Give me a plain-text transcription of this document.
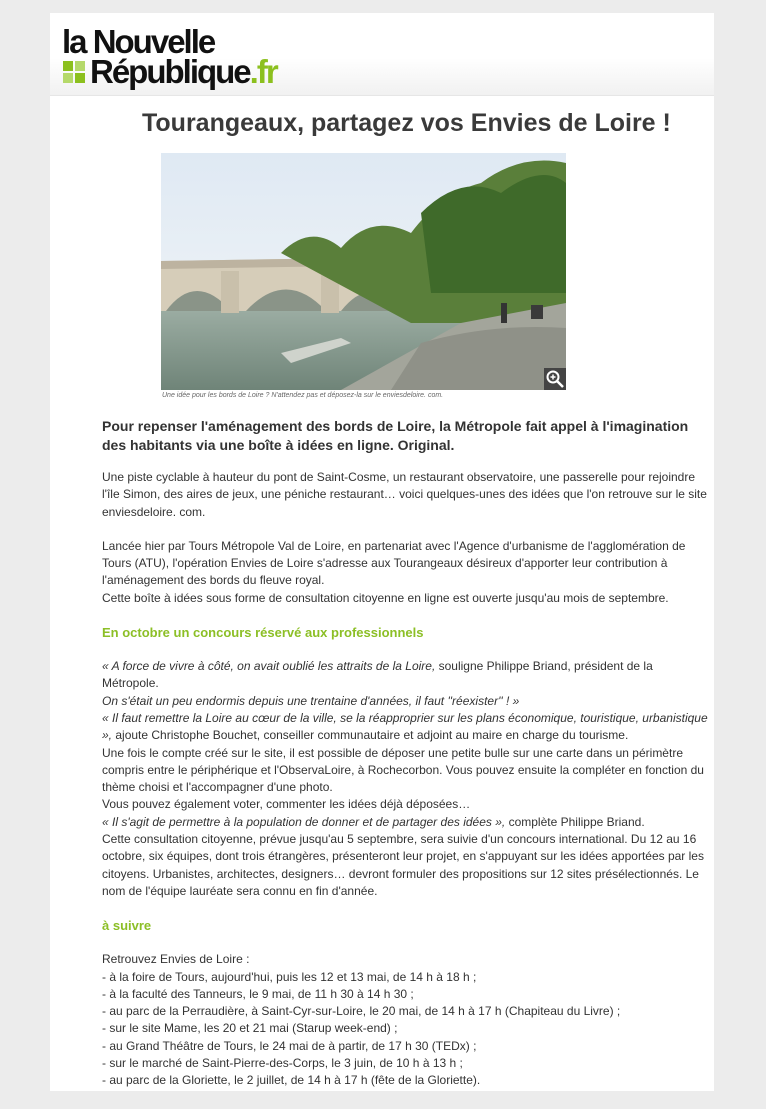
la Nouvelle
République.fr
Tourangeaux, partagez vos Envies de Loire !
Une idée pour les bords de Loire ? N'attendez pas et déposez-la sur le enviesdeloire. com.

Pour repenser l'aménagement des bords de Loire, la Métropole fait appel à l'imagination des habitants via une boîte à idées en ligne. Original.

Une piste cyclable à hauteur du pont de Saint-Cosme, un restaurant observatoire, une passerelle pour rejoindre l'île Simon, des aires de jeux, une péniche restaurant… voici quelques-unes des idées que l'on retrouve sur le site enviesdeloire. com.

Lancée hier par Tours Métropole Val de Loire, en partenariat avec l'Agence d'urbanisme de l'agglomération de Tours (ATU), l'opération Envies de Loire s'adresse aux Tourangeaux désireux d'apporter leur contribution à l'aménagement des bords du fleuve royal.

Cette boîte à idées sous forme de consultation citoyenne en ligne est ouverte jusqu'au mois de septembre.

En octobre un concours réservé aux professionnels

« A force de vivre à côté, on avait oublié les attraits de la Loire, souligne Philippe Briand, président de la Métropole.

On s'était un peu endormis depuis une trentaine d'années, il faut ''réexister'' ! »

« Il faut remettre la Loire au cœur de la ville, se la réapproprier sur les plans économique, touristique, urbanistique », ajoute Christophe Bouchet, conseiller communautaire et adjoint au maire en charge du tourisme.

Une fois le compte créé sur le site, il est possible de déposer une petite bulle sur une carte dans un périmètre compris entre le périphérique et l'ObservaLoire, à Rochecorbon. Vous pouvez ensuite la compléter en fonction du thème choisi et l'accompagner d'une photo.

Vous pouvez également voter, commenter les idées déjà déposées…

« Il s'agit de permettre à la population de donner et de partager des idées », complète Philippe Briand.

Cette consultation citoyenne, prévue jusqu'au 5 septembre, sera suivie d'un concours international. Du 12 au 16 octobre, six équipes, dont trois étrangères, présenteront leur projet, en s'appuyant sur les idées apportées par les citoyens. Urbanistes, architectes, designers… devront formuler des propositions sur 12 sites présélectionnés. Le nom de l'équipe lauréate sera connu en fin d'année.

à suivre

Retrouvez Envies de Loire :

- à la foire de Tours, aujourd'hui, puis les 12 et 13 mai, de 14 h à 18 h ;

- à la faculté des Tanneurs, le 9 mai, de 11 h 30 à 14 h 30 ;

- au parc de la Perraudière, à Saint-Cyr-sur-Loire, le 20 mai, de 14 h à 17 h (Chapiteau du Livre) ;

- sur le site Mame, les 20 et 21 mai (Starup week-end) ;

- au Grand Théâtre de Tours, le 24 mai de à partir, de 17 h 30 (TEDx) ;

- sur le marché de Saint-Pierre-des-Corps, le 3 juin, de 10 h à 13 h ;

- au parc de la Gloriette, le 2 juillet, de 14 h à 17 h (fête de la Gloriette).
